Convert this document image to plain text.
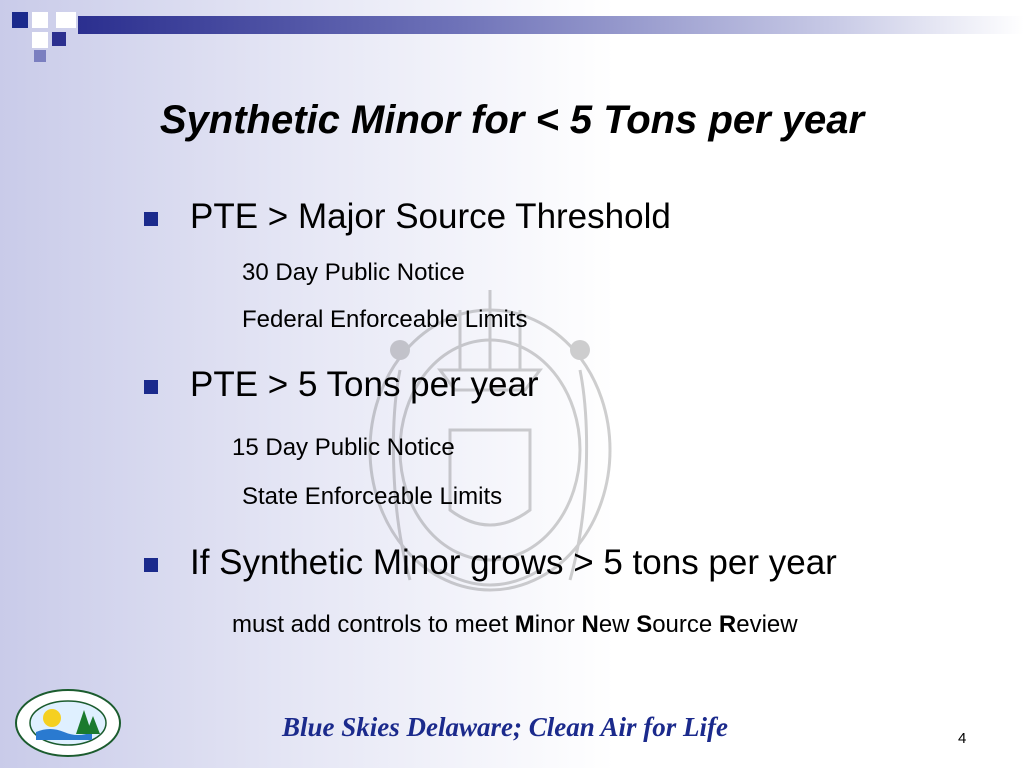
Synthetic Minor for < 5 Tons per year
PTE > Major Source Threshold
30 Day Public Notice
Federal Enforceable Limits
PTE > 5 Tons per year
15 Day Public Notice
State Enforceable Limits
If Synthetic Minor grows > 5 tons per year
must add controls to meet Minor New Source Review
Blue Skies Delaware; Clean Air for Life	4
